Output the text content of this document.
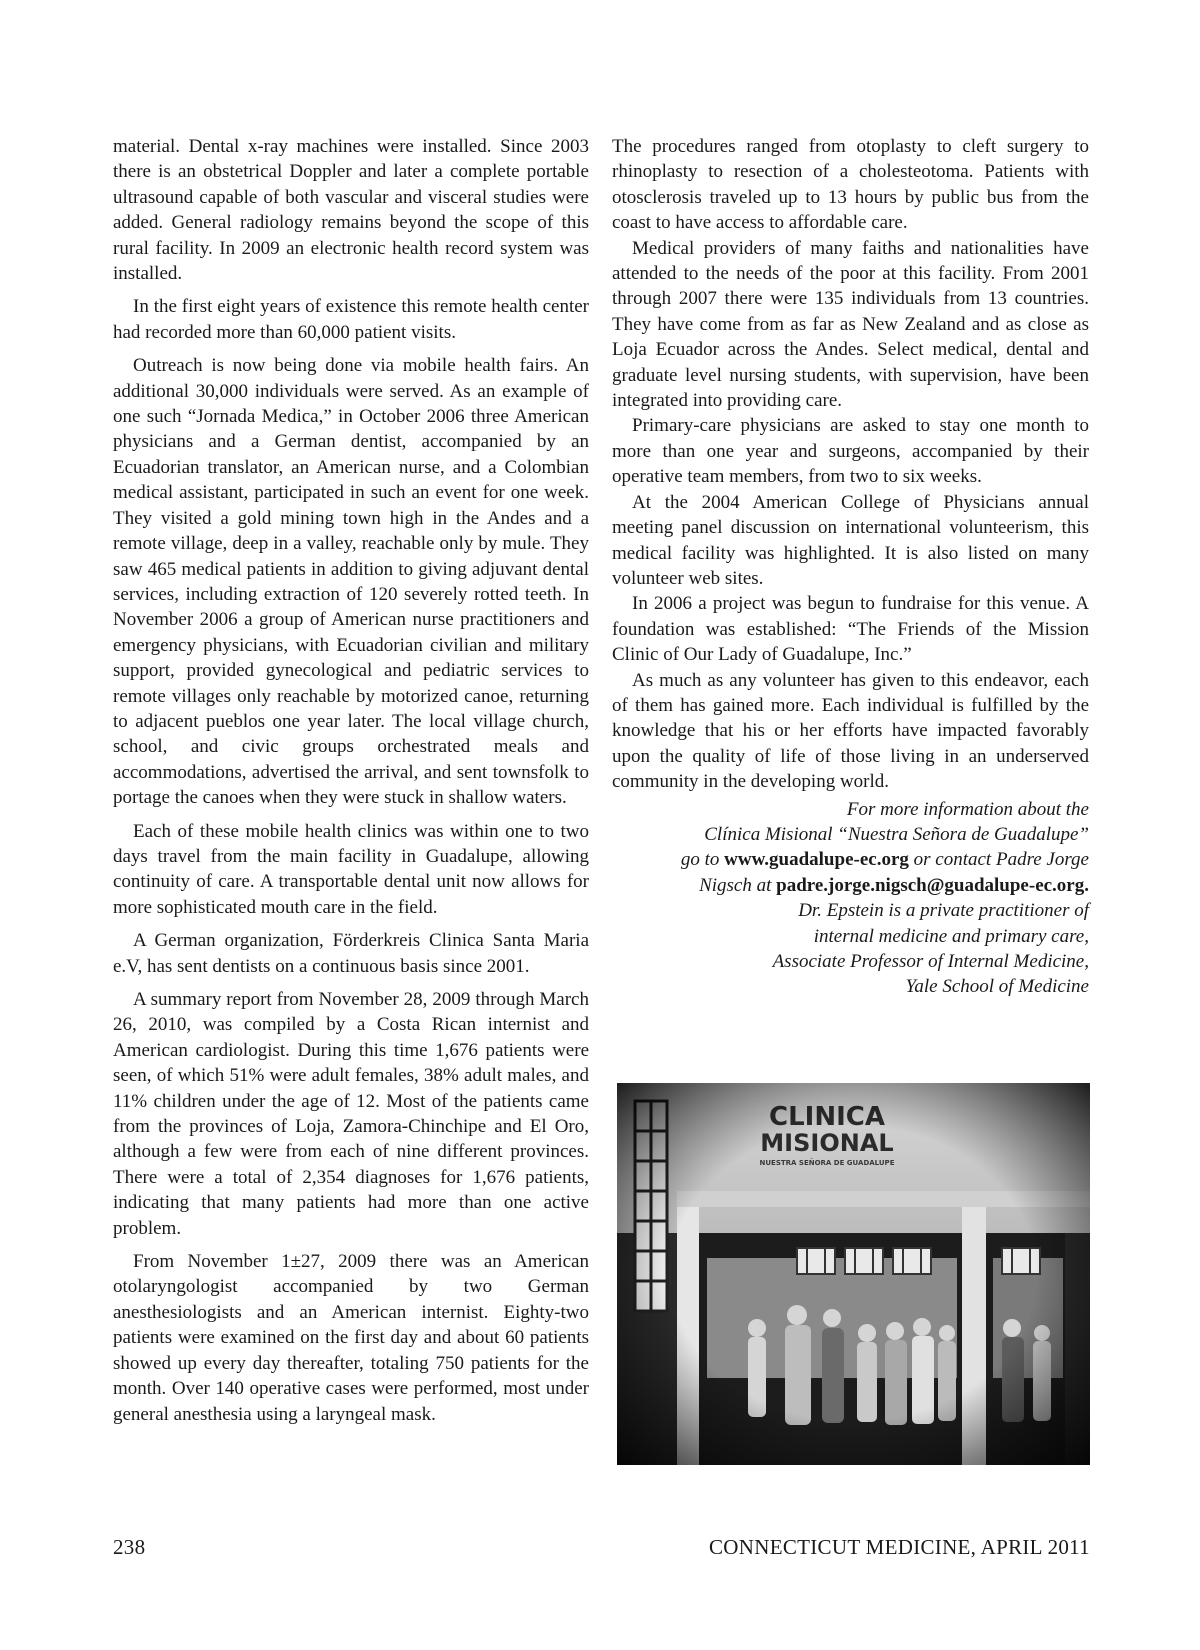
material. Dental x-ray machines were installed. Since 2003 there is an obstetrical Doppler and later a complete portable ultrasound capable of both vascular and visceral studies were added. General radiology remains beyond the scope of this rural facility. In 2009 an electronic health record system was installed.

In the first eight years of existence this remote health center had recorded more than 60,000 patient visits.

Outreach is now being done via mobile health fairs. An additional 30,000 individuals were served. As an example of one such “Jornada Medica,” in October 2006 three American physicians and a German dentist, accompanied by an Ecuadorian translator, an American nurse, and a Colombian medical assistant, participated in such an event for one week. They visited a gold mining town high in the Andes and a remote village, deep in a valley, reachable only by mule. They saw 465 medical patients in addition to giving adjuvant dental services, including extraction of 120 severely rotted teeth. In November 2006 a group of American nurse practitioners and emergency physicians, with Ecuadorian civilian and military support, provided gynecological and pediatric services to remote villages only reachable by motorized canoe, returning to adjacent pueblos one year later. The local village church, school, and civic groups orchestrated meals and accommodations, advertised the arrival, and sent townsfolk to portage the canoes when they were stuck in shallow waters.

Each of these mobile health clinics was within one to two days travel from the main facility in Guadalupe, allowing continuity of care. A transportable dental unit now allows for more sophisticated mouth care in the field.

A German organization, Förderkreis Clinica Santa Maria e.V, has sent dentists on a continuous basis since 2001.

A summary report from November 28, 2009 through March 26, 2010, was compiled by a Costa Rican internist and American cardiologist. During this time 1,676 patients were seen, of which 51% were adult females, 38% adult males, and 11% children under the age of 12. Most of the patients came from the provinces of Loja, Zamora-Chinchipe and El Oro, although a few were from each of nine different provinces. There were a total of 2,354 diagnoses for 1,676 patients, indicating that many patients had more than one active problem.

From November 1±27, 2009 there was an American otolaryngologist accompanied by two German anesthesiologists and an American internist. Eighty-two patients were examined on the first day and about 60 patients showed up every day thereafter, totaling 750 patients for the month. Over 140 operative cases were performed, most under general anesthesia using a laryngeal mask.

The procedures ranged from otoplasty to cleft surgery to rhinoplasty to resection of a cholesteotoma. Patients with otosclerosis traveled up to 13 hours by public bus from the coast to have access to affordable care.

Medical providers of many faiths and nationalities have attended to the needs of the poor at this facility. From 2001 through 2007 there were 135 individuals from 13 countries. They have come from as far as New Zealand and as close as Loja Ecuador across the Andes. Select medical, dental and graduate level nursing students, with supervision, have been integrated into providing care.

Primary-care physicians are asked to stay one month to more than one year and surgeons, accompanied by their operative team members, from two to six weeks.

At the 2004 American College of Physicians annual meeting panel discussion on international volunteerism, this medical facility was highlighted. It is also listed on many volunteer web sites.

In 2006 a project was begun to fundraise for this venue. A foundation was established: “The Friends of the Mission Clinic of Our Lady of Guadalupe, Inc.”

As much as any volunteer has given to this endeavor, each of them has gained more. Each individual is fulfilled by the knowledge that his or her efforts have impacted favorably upon the quality of life of those living in an underserved community in the developing world.

For more information about the
Clínica Misional “Nuestra Señora de Guadalupe”
go to www.guadalupe-ec.org or contact Padre Jorge
Nigsch at padre.jorge.nigsch@guadalupe-ec.org.
Dr. Epstein is a private practitioner of
internal medicine and primary care,
Associate Professor of Internal Medicine,
Yale School of Medicine
238	CONNECTICUT MEDICINE, APRIL 2011
